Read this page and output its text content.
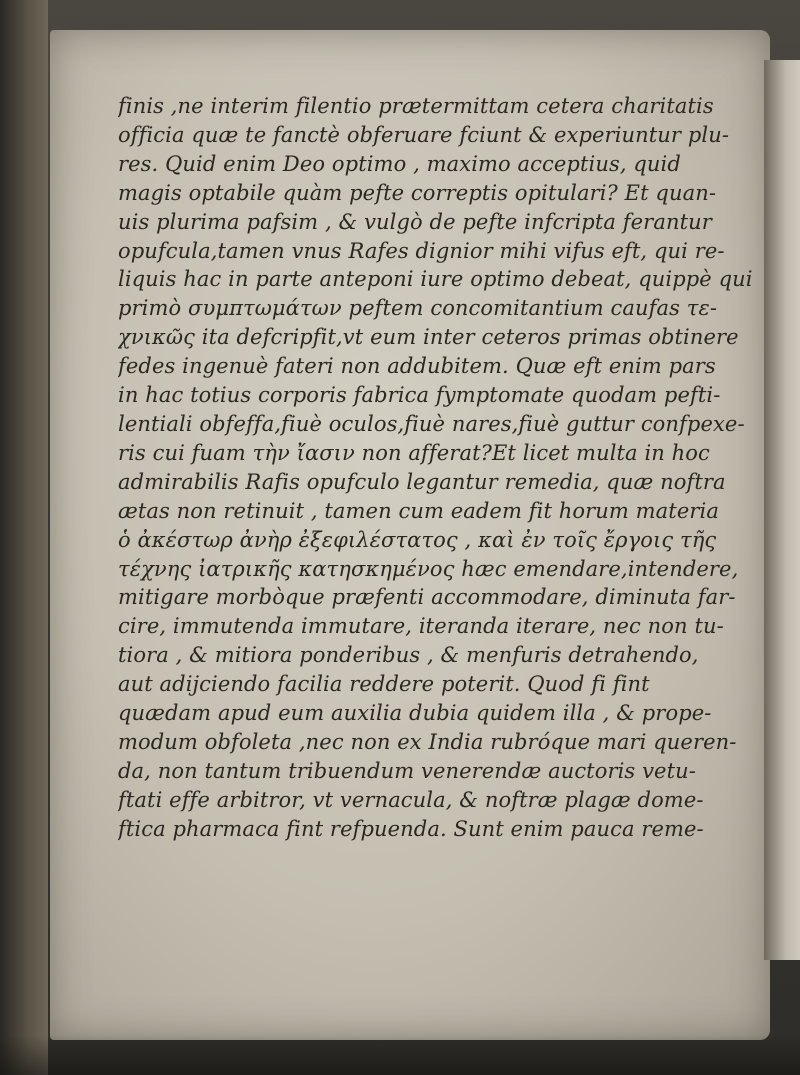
finis ,ne interim filentio prætermittam cetera charitatis
officia quæ te fanctè obferuare fciunt & experiuntur plu-
res. Quid enim Deo optimo , maximo acceptius, quid
magis optabile quàm pefte correptis opitulari? Et quan-
uis plurima pafsim , & vulgò de pefte infcripta ferantur
opufcula,tamen vnus Rafes dignior mihi vifus eft, qui re-
liquis hac in parte anteponi iure optimo debeat, quippè qui
primò συμπτωμάτων peftem concomitantium caufas τε-
χνικῶς ita defcripfit,vt eum inter ceteros primas obtinere
fedes ingenuè fateri non addubitem. Quæ eft enim pars
in hac totius corporis fabrica fymptomate quodam pefti-
lentiali obfeffa,fiuè oculos,fiuè nares,fiuè guttur confpexe-
ris cui fuam τὴν ἴασιν non afferat?Et licet multa in hoc
admirabilis Rafis opufculo legantur remedia, quæ noftra
ætas non retinuit , tamen cum eadem fit horum materia
ὁ ἀκέστωρ ἀνὴρ ἐξεφιλέστατος , καὶ ἐν τοῖς ἔργοις τῆς
τέχνης ἰατρικῆς κατησκημένος hæc emendare,intendere,
mitigare morbòque præfenti accommodare, diminuta far-
cire, immutenda immutare, iteranda iterare, nec non tu-
tiora , & mitiora ponderibus , & menfuris detrahendo,
aut adijciendo facilia reddere poterit. Quod fi fint
quædam apud eum auxilia dubia quidem illa , & prope-
modum obfoleta ,nec non ex India rubróque mari queren-
da, non tantum tribuendum venerendæ auctoris vetu-
ftati effe arbitror, vt vernacula, & noftræ plagæ dome-
ftica pharmaca fint refpuenda. Sunt enim pauca reme-
